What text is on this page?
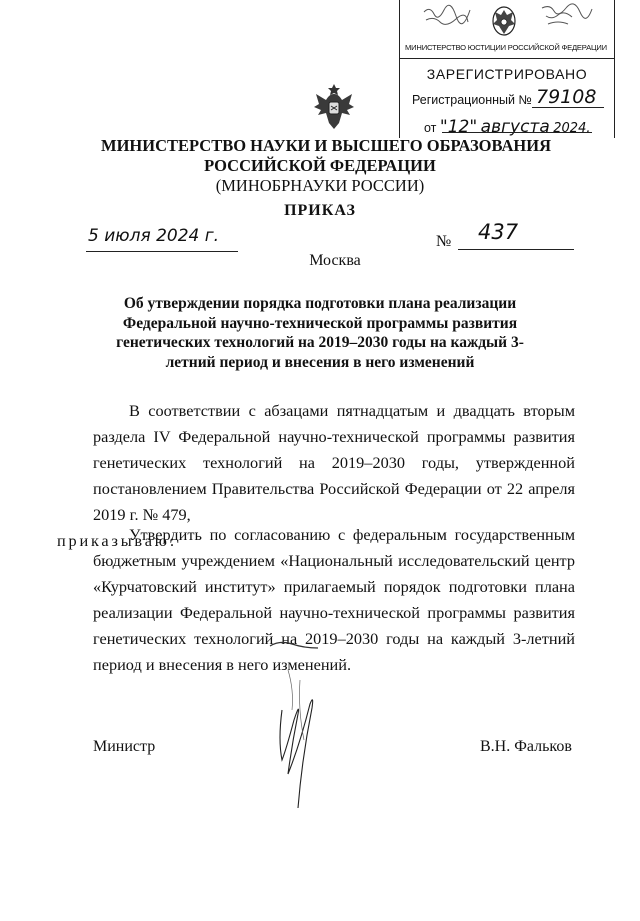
МИНИСТЕРСТВО ЮСТИЦИИ РОССИЙСКОЙ ФЕДЕРАЦИИ
ЗАРЕГИСТРИРОВАНО
Регистрационный № 79108
от "12" августа 2024.
МИНИСТЕРСТВО НАУКИ И ВЫСШЕГО ОБРАЗОВАНИЯ
РОССИЙСКОЙ ФЕДЕРАЦИИ
(МИНОБРНАУКИ РОССИИ)
ПРИКАЗ
5 июля 2024 г.	№ 437
Москва
Об утверждении порядка подготовки плана реализации Федеральной научно-технической программы развития генетических технологий на 2019–2030 годы на каждый 3-летний период и внесения в него изменений
В соответствии с абзацами пятнадцатым и двадцать вторым раздела IV Федеральной научно-технической программы развития генетических технологий на 2019–2030 годы, утвержденной постановлением Правительства Российской Федерации от 22 апреля 2019 г. № 479,
приказываю:
Утвердить по согласованию с федеральным государственным бюджетным учреждением «Национальный исследовательский центр «Курчатовский институт» прилагаемый порядок подготовки плана реализации Федеральной научно-технической программы развития генетических технологий на 2019–2030 годы на каждый 3-летний период и внесения в него изменений.
Министр	В.Н. Фальков
